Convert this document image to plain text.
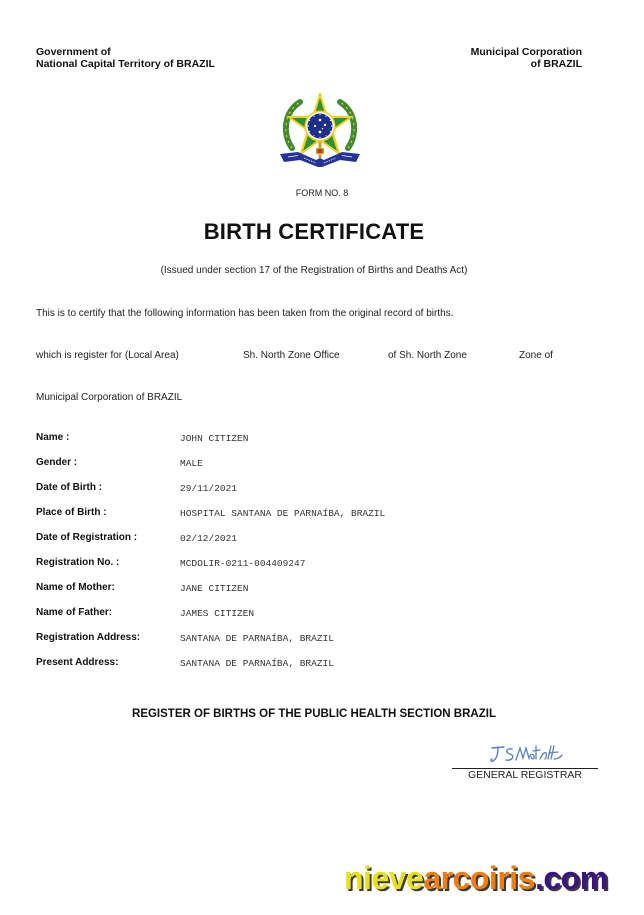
Government of
National Capital Territory of BRAZIL
Municipal Corporation
of BRAZIL
FORM NO. 8
BIRTH CERTIFICATE
(Issued under section 17 of the Registration of Births and Deaths Act)
This is to certify that the following information has been taken from the original record of births.
which is register for (Local Area)	Sh. North Zone Office	of Sh. North Zone	Zone of
Municipal Corporation of BRAZIL
Name :	JOHN CITIZEN
Gender :	MALE
Date of Birth :	29/11/2021
Place of Birth :	HOSPITAL SANTANA DE PARNAÍBA, BRAZIL
Date of Registration :	02/12/2021
Registration No. :	MCDOLIR-0211-004409247
Name of Mother:	JANE CITIZEN
Name of Father:	JAMES CITIZEN
Registration Address:	SANTANA DE PARNAÍBA, BRAZIL
Present Address:	SANTANA DE PARNAÍBA, BRAZIL
REGISTER OF BIRTHS OF THE PUBLIC HEALTH SECTION BRAZIL
GENERAL REGISTRAR
nievearcoiris.com
